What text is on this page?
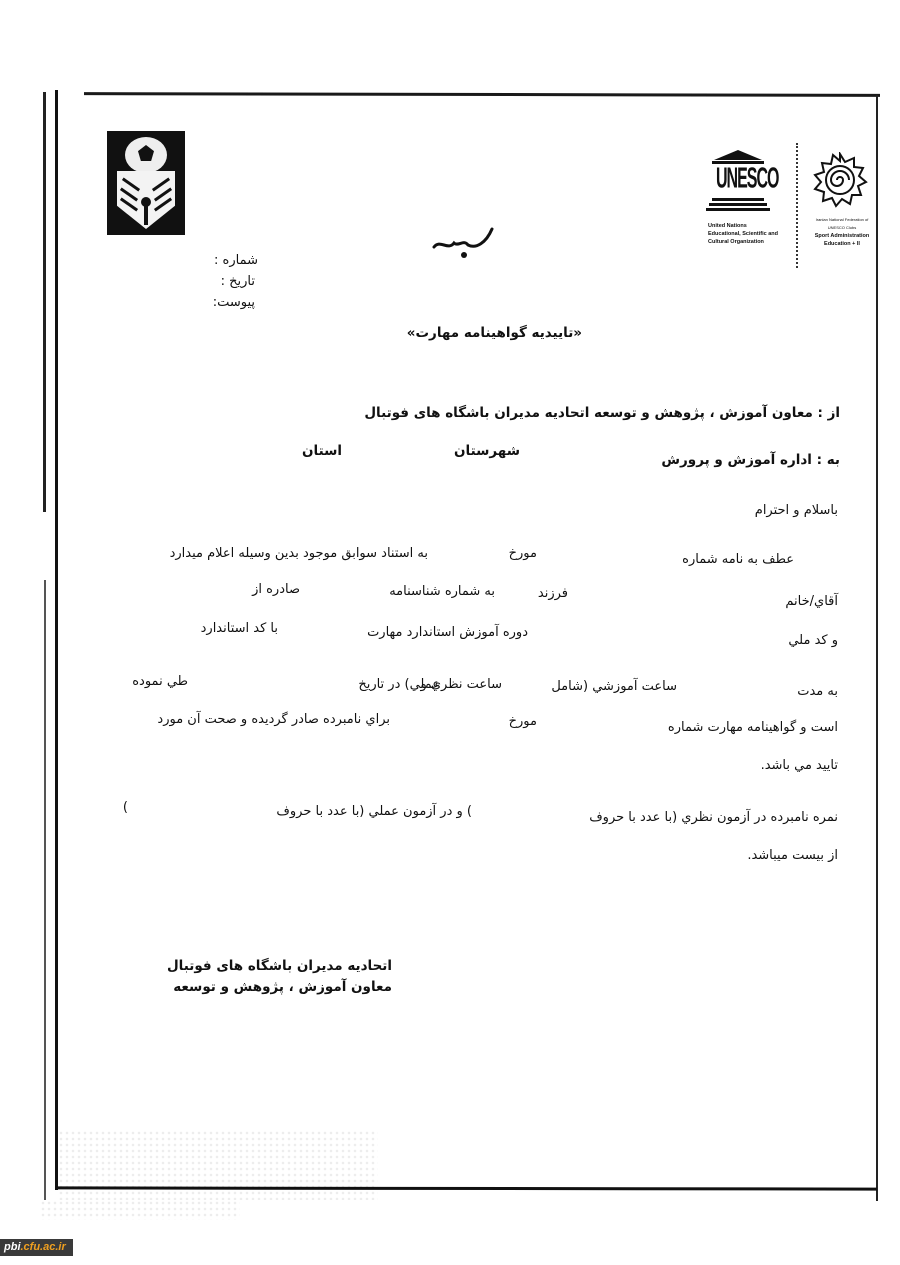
UNESCO
United Nations
Educational, Scientific and
Cultural Organization
Iranian National Federation of
UNESCO Clubs
Sport Administration
Education + II
شماره :
تاریخ :
پیوست:
«تاییدیه گواهینامه مهارت»
از : معاون آموزش ، پژوهش و توسعه اتحادیه مدیران باشگاه های فوتبال
به : اداره آموزش و پرورش
شهرستان
استان
باسلام و احترام
عطف به نامه شماره
مورخ
به استناد سوابق موجود بدین وسیله اعلام میدارد
آقاي/خانم
فرزند
به شماره شناسنامه
صادره از
و كد ملي
دوره آموزش استاندارد مهارت
با كد استاندارد
به مدت
ساعت آموزشي (شامل
ساعت نظري و
عملي) در تاريخ
طي نموده
است و گواهينامه مهارت شماره
مورخ
براي نامبرده صادر گرديده و صحت آن مورد
تاييد مي باشد.
نمره نامبرده در آزمون نظري (با عدد با حروف
) و در آزمون عملي (با عدد با حروف
)
از بيست ميباشد.
اتحادیه مدیران باشگاه های فوتبال
معاون آموزش ، پژوهش و توسعه
pbi.cfu.ac.ir
